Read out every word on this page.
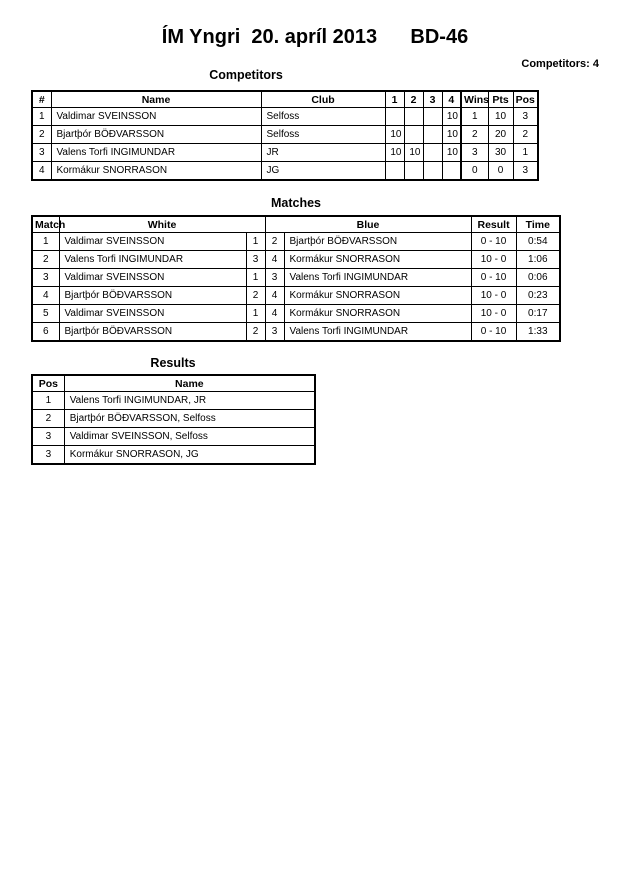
ÍM Yngri 20. apríl 2013 BD-46
Competitors: 4
Competitors
#	Name	Club	1	2	3	4	Wins	Pts	Pos
1	Valdimar SVEINSSON	Selfoss				10	1	10	3
2	Bjartþór BÖÐVARSSON	Selfoss	10			10	2	20	2
3	Valens Torfi INGIMUNDAR	JR	10	10		10	3	30	1
4	Kormákur SNORRASON	JG					0	0	3
Matches
Match	White		Blue		Result	Time
1	Valdimar SVEINSSON	1	2	Bjartþór BÖÐVARSSON	0 - 10	0:54
2	Valens Torfi INGIMUNDAR	3	4	Kormákur SNORRASON	10 - 0	1:06
3	Valdimar SVEINSSON	1	3	Valens Torfi INGIMUNDAR	0 - 10	0:06
4	Bjartþór BÖÐVARSSON	2	4	Kormákur SNORRASON	10 - 0	0:23
5	Valdimar SVEINSSON	1	4	Kormákur SNORRASON	10 - 0	0:17
6	Bjartþór BÖÐVARSSON	2	3	Valens Torfi INGIMUNDAR	0 - 10	1:33
Results
Pos	Name
1	Valens Torfi INGIMUNDAR, JR
2	Bjartþór BÖÐVARSSON, Selfoss
3	Valdimar SVEINSSON, Selfoss
3	Kormákur SNORRASON, JG
